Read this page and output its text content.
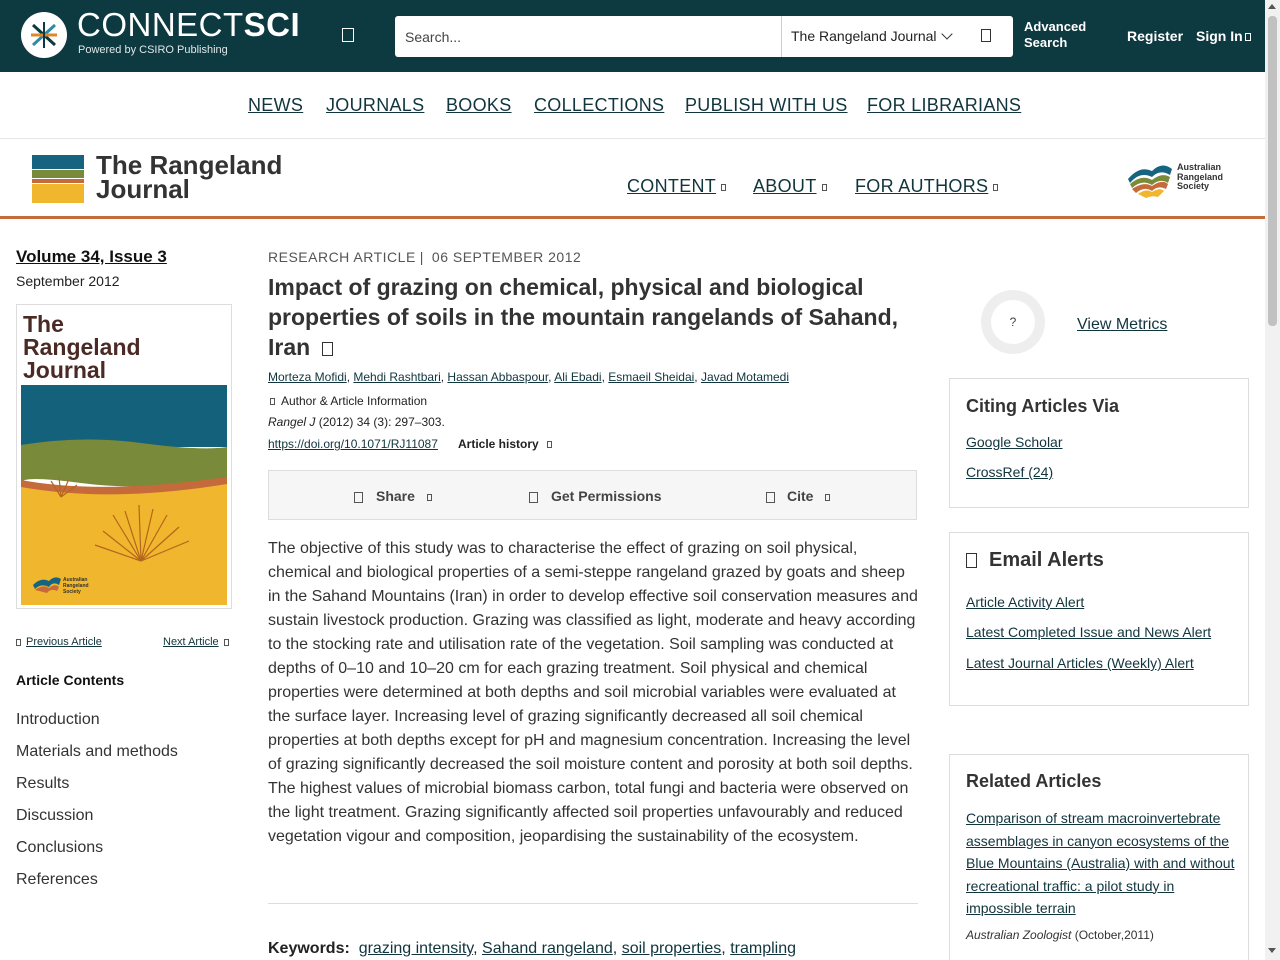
CONNECTSCI
Powered by CSIRO Publishing
Search...
The Rangeland Journal
Advanced Search	Register Sign In
NEWS JOURNALS BOOKS COLLECTIONS PUBLISH WITH US FOR LIBRARIANS
The Rangeland
Journal	CONTENT	ABOUT	FOR AUTHORS
Australian
Rangeland
Society
Volume 34, Issue 3
September 2012
The
Rangeland
Journal
Australian
Rangeland
Society
Previous Article	Next Article
Article Contents
Introduction
Materials and methods
Results
Discussion
Conclusions
References
RESEARCH ARTICLE | 06 SEPTEMBER 2012
Impact of grazing on chemical, physical and biological properties of soils in the mountain rangelands of Sahand, Iran
Morteza Mofidi, Mehdi Rashtbari, Hassan Abbaspour, Ali Ebadi, Esmaeil Sheidai, Javad Motamedi
Author & Article Information
Rangel J (2012) 34 (3): 297–303.
https://doi.org/10.1071/RJ11087 Article history
Share	Get Permissions	Cite

The objective of this study was to characterise the effect of grazing on soil physical, chemical and biological properties of a semi-steppe rangeland grazed by goats and sheep in the Sahand Mountains (Iran) in order to develop effective soil conservation measures and sustain livestock production. Grazing was classified as light, moderate and heavy according to the stocking rate and utilisation rate of the vegetation. Soil sampling was conducted at depths of 0–10 and 10–20 cm for each grazing treatment. Soil physical and chemical properties were determined at both depths and soil microbial variables were evaluated at the surface layer. Increasing level of grazing significantly decreased all soil chemical properties at both depths except for pH and magnesium concentration. Increasing the level of grazing significantly decreased the soil moisture content and porosity at both soil depths. The highest values of microbial biomass carbon, total fungi and bacteria were observed on the light treatment. Grazing significantly affected soil properties unfavourably and reduced vegetation vigour and composition, jeopardising the sustainability of the ecosystem.

Keywords: grazing intensity, Sahand rangeland, soil properties, trampling
?	View Metrics
Citing Articles Via
Google Scholar
CrossRef (24)
Email Alerts
Article Activity Alert
Latest Completed Issue and News Alert
Latest Journal Articles (Weekly) Alert
Related Articles
Comparison of stream macroinvertebrate assemblages in canyon ecosystems of the Blue Mountains (Australia) with and without recreational traffic: a pilot study in impossible terrain
Australian Zoologist (October,2011)
